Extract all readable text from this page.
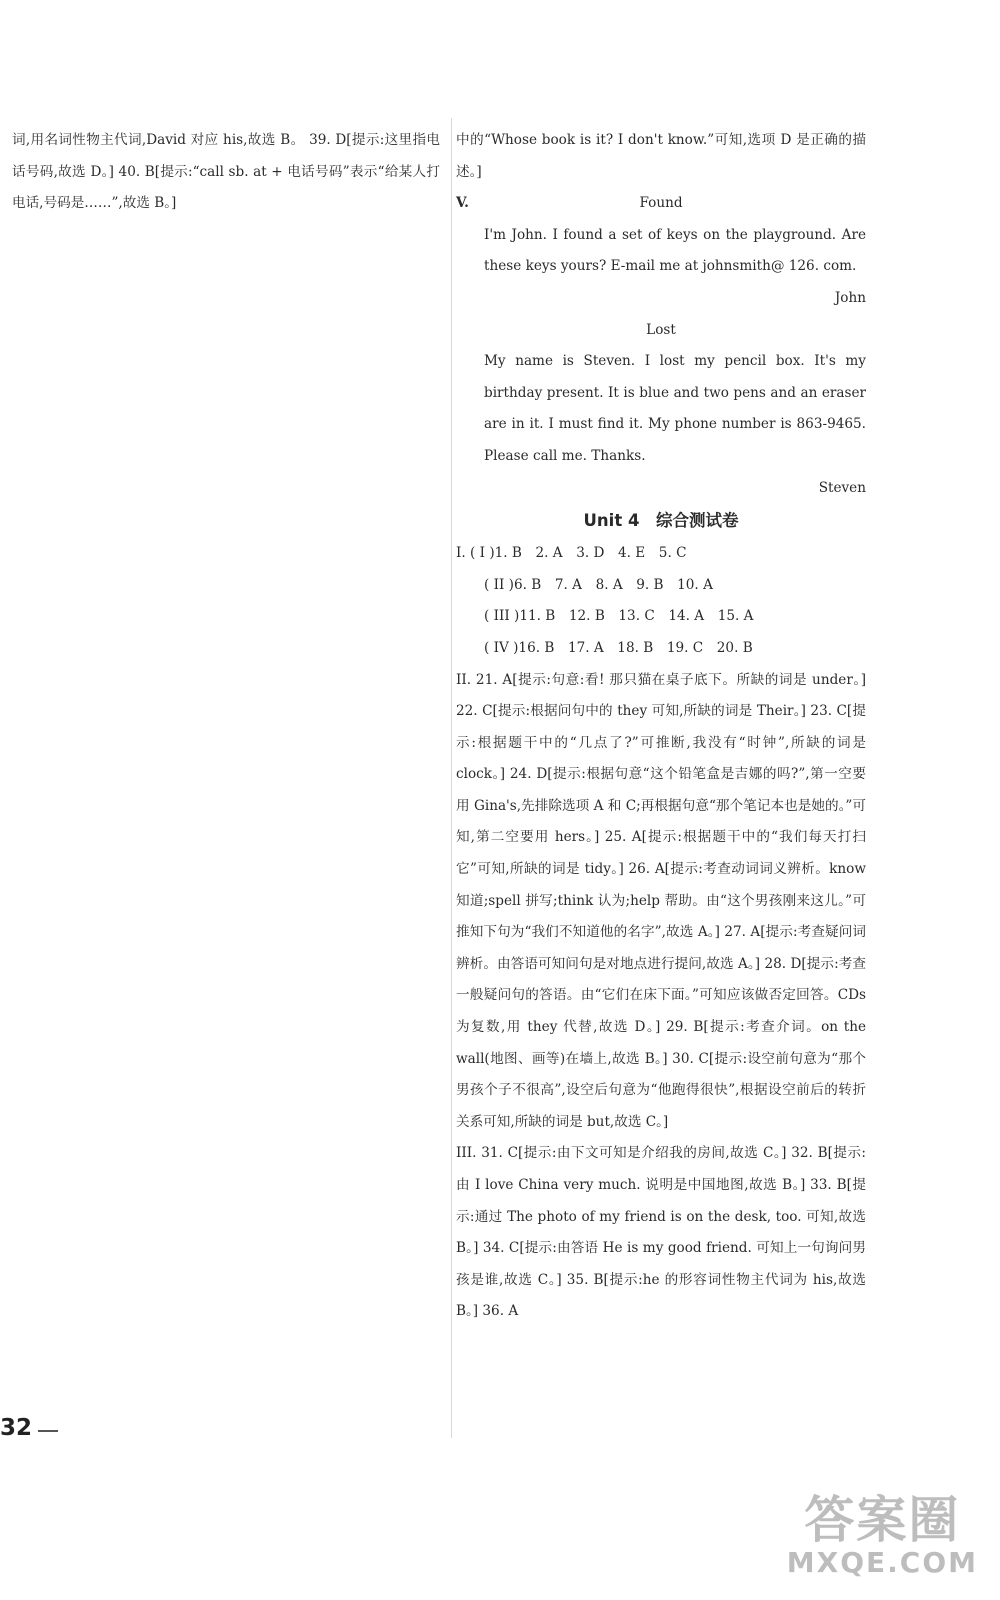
词,用名词性物主代词,David 对应 his,故选 B。 39. D[提示:这里指电话号码,故选 D。] 40. B[提示:“call sb. at + 电话号码”表示“给某人打电话,号码是……”,故选 B。]

中的“Whose book is it? I don't know.”可知,选项 D 是正确的描述。]

V.	Found

I'm John. I found a set of keys on the playground. Are these keys yours? E-mail me at johnsmith@ 126. com.

John
Lost

My name is Steven. I lost my pencil box. It's my birthday present. It is blue and two pens and an eraser are in it. I must find it. My phone number is 863-9465. Please call me. Thanks.

Steven
Unit 4　综合测试卷
I. ( I )1. B　2. A　3. D　4. E　5. C
( II )6. B　7. A　8. A　9. B　10. A
( III )11. B　12. B　13. C　14. A　15. A
( IV )16. B　17. A　18. B　19. C　20. B

II. 21. A[提示:句意:看! 那只猫在桌子底下。所缺的词是 under。] 22. C[提示:根据问句中的 they 可知,所缺的词是 Their。] 23. C[提示:根据题干中的“几点了?”可推断,我没有“时钟”,所缺的词是 clock。] 24. D[提示:根据句意“这个铅笔盒是吉娜的吗?”,第一空要用 Gina's,先排除选项 A 和 C;再根据句意“那个笔记本也是她的。”可知,第二空要用 hers。] 25. A[提示:根据题干中的“我们每天打扫它”可知,所缺的词是 tidy。] 26. A[提示:考查动词词义辨析。know 知道;spell 拼写;think 认为;help 帮助。由“这个男孩刚来这儿。”可推知下句为“我们不知道他的名字”,故选 A。] 27. A[提示:考查疑问词辨析。由答语可知问句是对地点进行提问,故选 A。] 28. D[提示:考查一般疑问句的答语。由“它们在床下面。”可知应该做否定回答。CDs 为复数,用 they 代替,故选 D。] 29. B[提示:考查介词。on the wall(地图、画等)在墙上,故选 B。] 30. C[提示:设空前句意为“那个男孩个子不很高”,设空后句意为“他跑得很快”,根据设空前后的转折关系可知,所缺的词是 but,故选 C。]

III. 31. C[提示:由下文可知是介绍我的房间,故选 C。] 32. B[提示:由 I love China very much. 说明是中国地图,故选 B。] 33. B[提示:通过 The photo of my friend is on the desk, too. 可知,故选 B。] 34. C[提示:由答语 He is my good friend. 可知上一句询问男孩是谁,故选 C。] 35. B[提示:he 的形容词性物主代词为 his,故选 B。] 36. A

32
答案圈
MXQE.COM
